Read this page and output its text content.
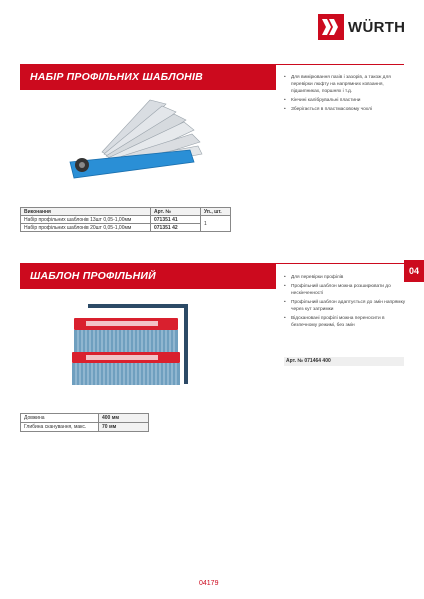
WÜRTH
НАБІР ПРОФІЛЬНИХ ШАБЛОНІВ	• Для вимірювання пазів і зазорів, а також для перевірки люфту на напрямних ковзання, підшипниках, поршнях і т.д.
• Кінчині калібрувальні пластини
• Зберігається в пластмасовому чохлі
Виконання	Арт. №	Уп., шт.
Набір профільних шаблонів 13шт 0,05-1,00мм	071351 41	1
Набір профільних шаблонів 20шт 0,05-1,00мм	071351 42	
04
ШАБЛОН ПРОФІЛЬНИЙ	• Для перевірки профілів
• Профільний шаблон можна розширювати до нескінченності
• Профільний шаблон адаптується до змін напрямку через кут затримки
• Відскановані профілі можна переносити в безпечному режимі, без змін
Арт. № 071464 400
Довжина	400 мм
Глибина сканування, макс.	70 мм
04179
